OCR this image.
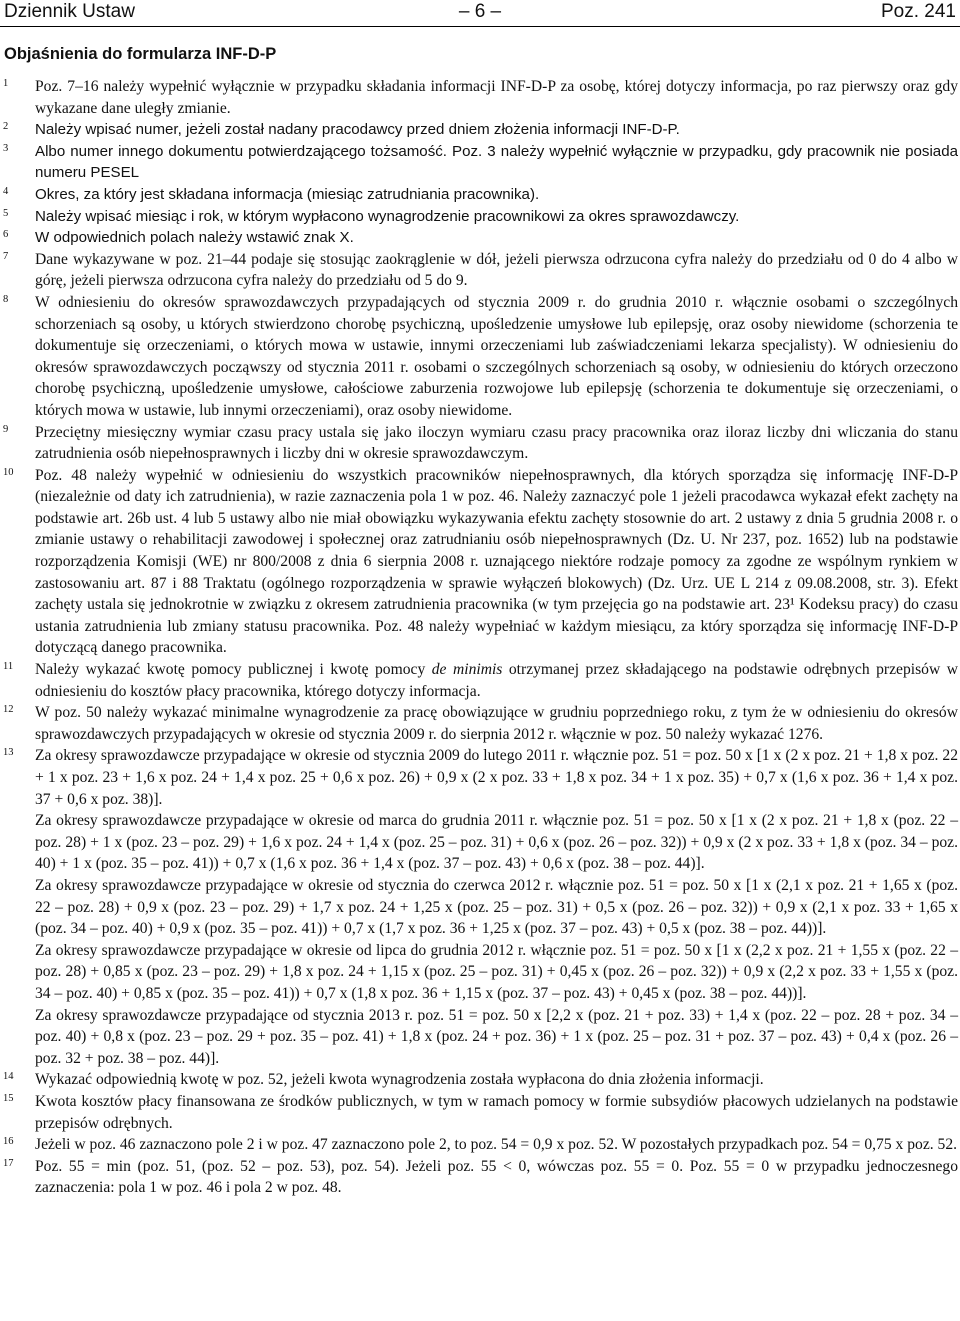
Dziennik Ustaw	– 6 –	Poz. 241
Objaśnienia do formularza INF-D-P
1 Poz. 7–16 należy wypełnić wyłącznie w przypadku składania informacji INF-D-P za osobę, której dotyczy informacja, po raz pierwszy oraz gdy wykazane dane uległy zmianie.

2 Należy wpisać numer, jeżeli został nadany pracodawcy przed dniem złożenia informacji INF-D-P.

3 Albo numer innego dokumentu potwierdzającego tożsamość. Poz. 3 należy wypełnić wyłącznie w przypadku, gdy pracownik nie posiada numeru PESEL

4 Okres, za który jest składana informacja (miesiąc zatrudniania pracownika).

5 Należy wpisać miesiąc i rok, w którym wypłacono wynagrodzenie pracownikowi za okres sprawozdawczy.

6 W odpowiednich polach należy wstawić znak X.

7 Dane wykazywane w poz. 21–44 podaje się stosując zaokrąglenie w dół, jeżeli pierwsza odrzucona cyfra należy do przedziału od 0 do 4 albo w górę, jeżeli pierwsza odrzucona cyfra należy do przedziału od 5 do 9.

8 W odniesieniu do okresów sprawozdawczych przypadających od stycznia 2009 r. do grudnia 2010 r. włącznie osobami o szczególnych schorzeniach są osoby, u których stwierdzono chorobę psychiczną, upośledzenie umysłowe lub epilepsję, oraz osoby niewidome (schorzenia te dokumentuje się orzeczeniami, o których mowa w ustawie, innymi orzeczeniami lub zaświadczeniami lekarza specjalisty). W odniesieniu do okresów sprawozdawczych począwszy od stycznia 2011 r. osobami o szczególnych schorzeniach są osoby, w odniesieniu do których orzeczono chorobę psychiczną, upośledzenie umysłowe, całościowe zaburzenia rozwojowe lub epilepsję (schorzenia te dokumentuje się orzeczeniami, o których mowa w ustawie, lub innymi orzeczeniami), oraz osoby niewidome.

9 Przeciętny miesięczny wymiar czasu pracy ustala się jako iloczyn wymiaru czasu pracy pracownika oraz iloraz liczby dni wliczania do stanu zatrudnienia osób niepełnosprawnych i liczby dni w okresie sprawozdawczym.

10 Poz. 48 należy wypełnić w odniesieniu do wszystkich pracowników niepełnosprawnych, dla których sporządza się informację INF-D-P (niezależnie od daty ich zatrudnienia), w razie zaznaczenia pola 1 w poz. 46. Należy zaznaczyć pole 1 jeżeli pracodawca wykazał efekt zachęty na podstawie art. 26b ust. 4 lub 5 ustawy albo nie miał obowiązku wykazywania efektu zachęty stosownie do art. 2 ustawy z dnia 5 grudnia 2008 r. o zmianie ustawy o rehabilitacji zawodowej i społecznej oraz zatrudnianiu osób niepełnosprawnych (Dz. U. Nr 237, poz. 1652) lub na podstawie rozporządzenia Komisji (WE) nr 800/2008 z dnia 6 sierpnia 2008 r. uznającego niektóre rodzaje pomocy za zgodne ze wspólnym rynkiem w zastosowaniu art. 87 i 88 Traktatu (ogólnego rozporządzenia w sprawie wyłączeń blokowych) (Dz. Urz. UE L 214 z 09.08.2008, str. 3). Efekt zachęty ustala się jednokrotnie w związku z okresem zatrudnienia pracownika (w tym przejęcia go na podstawie art. 23¹ Kodeksu pracy) do czasu ustania zatrudnienia lub zmiany statusu pracownika. Poz. 48 należy wypełniać w każdym miesiącu, za który sporządza się informację INF-D-P dotyczącą danego pracownika.

11 Należy wykazać kwotę pomocy publicznej i kwotę pomocy de minimis otrzymanej przez składającego na podstawie odrębnych przepisów w odniesieniu do kosztów płacy pracownika, którego dotyczy informacja.

12 W poz. 50 należy wykazać minimalne wynagrodzenie za pracę obowiązujące w grudniu poprzedniego roku, z tym że w odniesieniu do okresów sprawozdawczych przypadających w okresie od stycznia 2009 r. do sierpnia 2012 r. włącznie w poz. 50 należy wykazać 1276.

13 Za okresy sprawozdawcze przypadające w okresie od stycznia 2009 do lutego 2011 r. włącznie poz. 51 = poz. 50 x [1 x (2 x poz. 21 + 1,8 x poz. 22 + 1 x poz. 23 + 1,6 x poz. 24 + 1,4 x poz. 25 + 0,6 x poz. 26) + 0,9 x (2 x poz. 33 + 1,8 x poz. 34 + 1 x poz. 35) + 0,7 x (1,6 x poz. 36 + 1,4 x poz. 37 + 0,6 x poz. 38)].
Za okresy sprawozdawcze przypadające w okresie od marca do grudnia 2011 r. włącznie poz. 51 = poz. 50 x [1 x (2 x poz. 21 + 1,8 x (poz. 22 – poz. 28) + 1 x (poz. 23 – poz. 29) + 1,6 x poz. 24 + 1,4 x (poz. 25 – poz. 31) + 0,6 x (poz. 26 – poz. 32)) + 0,9 x (2 x poz. 33 + 1,8 x (poz. 34 – poz. 40) + 1 x (poz. 35 – poz. 41)) + 0,7 x (1,6 x poz. 36 + 1,4 x (poz. 37 – poz. 43) + 0,6 x (poz. 38 – poz. 44)].
Za okresy sprawozdawcze przypadające w okresie od stycznia do czerwca 2012 r. włącznie poz. 51 = poz. 50 x [1 x (2,1 x poz. 21 + 1,65 x (poz. 22 – poz. 28) + 0,9 x (poz. 23 – poz. 29) + 1,7 x poz. 24 + 1,25 x (poz. 25 – poz. 31) + 0,5 x (poz. 26 – poz. 32)) + 0,9 x (2,1 x poz. 33 + 1,65 x (poz. 34 – poz. 40) + 0,9 x (poz. 35 – poz. 41)) + 0,7 x (1,7 x poz. 36 + 1,25 x (poz. 37 – poz. 43) + 0,5 x (poz. 38 – poz. 44))].
Za okresy sprawozdawcze przypadające w okresie od lipca do grudnia 2012 r. włącznie poz. 51 = poz. 50 x [1 x (2,2 x poz. 21 + 1,55 x (poz. 22 – poz. 28) + 0,85 x (poz. 23 – poz. 29) + 1,8 x poz. 24 + 1,15 x (poz. 25 – poz. 31) + 0,45 x (poz. 26 – poz. 32)) + 0,9 x (2,2 x poz. 33 + 1,55 x (poz. 34 – poz. 40) + 0,85 x (poz. 35 – poz. 41)) + 0,7 x (1,8 x poz. 36 + 1,15 x (poz. 37 – poz. 43) + 0,45 x (poz. 38 – poz. 44))].
Za okresy sprawozdawcze przypadające od stycznia 2013 r. poz. 51 = poz. 50 x [2,2 x (poz. 21 + poz. 33) + 1,4 x (poz. 22 – poz. 28 + poz. 34 – poz. 40) + 0,8 x (poz. 23 – poz. 29 + poz. 35 – poz. 41) + 1,8 x (poz. 24 + poz. 36) + 1 x (poz. 25 – poz. 31 + poz. 37 – poz. 43) + 0,4 x (poz. 26 – poz. 32 + poz. 38 – poz. 44)].
14 Wykazać odpowiednią kwotę w poz. 52, jeżeli kwota wynagrodzenia została wypłacona do dnia złożenia informacji.

15 Kwota kosztów płacy finansowana ze środków publicznych, w tym w ramach pomocy w formie subsydiów płacowych udzielanych na podstawie przepisów odrębnych.

16 Jeżeli w poz. 46 zaznaczono pole 2 i w poz. 47 zaznaczono pole 2, to poz. 54 = 0,9 x poz. 52. W pozostałych przypadkach poz. 54 = 0,75 x poz. 52.

17 Poz. 55 = min (poz. 51, (poz. 52 – poz. 53), poz. 54). Jeżeli poz. 55 < 0, wówczas poz. 55 = 0. Poz. 55 = 0 w przypadku jednoczesnego zaznaczenia: pola 1 w poz. 46 i pola 2 w poz. 48.
